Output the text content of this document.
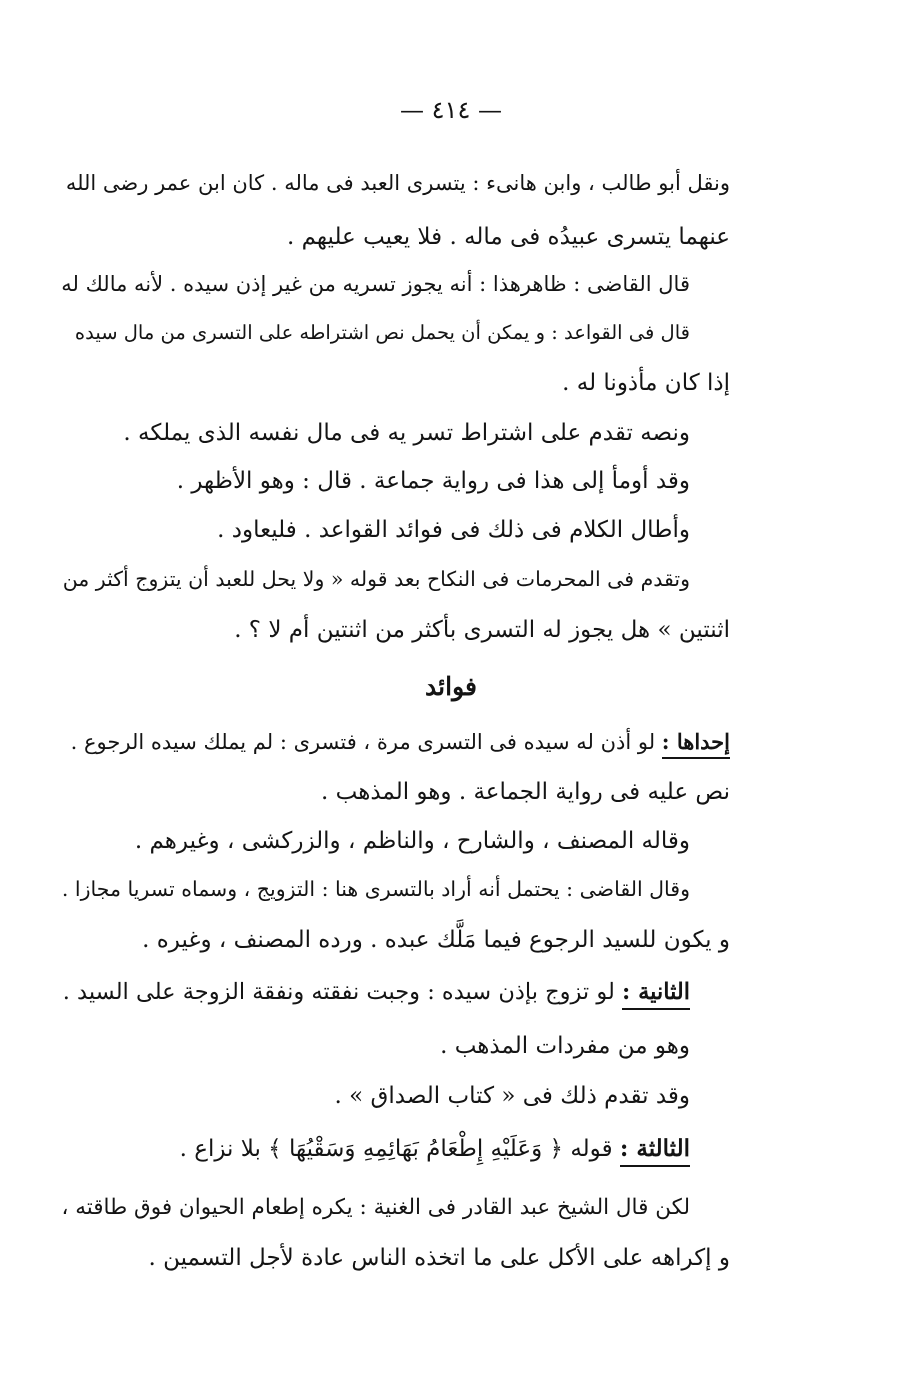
— ٤١٤ —
ونقل أبو طالب ، وابن هانىء : يتسرى العبد فى ماله . كان ابن عمر رضى الله
عنهما يتسرى عبيدُه فى ماله . فلا يعيب عليهم .
قال القاضى : ظاهرهذا : أنه يجوز تسريه من غير إذن سيده . لأنه مالك له
قال فى القواعد : و يمكن أن يحمل نص اشتراطه على التسرى من مال سيده
إذا كان مأذونا له .
ونصه تقدم على اشتراط تسر يه فى مال نفسه الذى يملكه .
وقد أومأ إلى هذا فى رواية جماعة . قال : وهو الأظهر .
وأطال الكلام فى ذلك فى فوائد القواعد . فليعاود .
وتقدم فى المحرمات فى النكاح بعد قوله « ولا يحل للعبد أن يتزوج أكثر من
اثنتين » هل يجوز له التسرى بأكثر من اثنتين أم لا ؟ .
فوائد
إحداها : لو أذن له سيده فى التسرى مرة ، فتسرى : لم يملك سيده الرجوع .
نص عليه فى رواية الجماعة . وهو المذهب .
وقاله المصنف ، والشارح ، والناظم ، والزركشى ، وغيرهم .
وقال القاضى : يحتمل أنه أراد بالتسرى هنا : التزويج ، وسماه تسريا مجازا .
و يكون للسيد الرجوع فيما مَلَّك عبده . ورده المصنف ، وغيره .
الثانية : لو تزوج بإذن سيده : وجبت نفقته ونفقة الزوجة على السيد .
وهو من مفردات المذهب .
وقد تقدم ذلك فى « كتاب الصداق » .
الثالثة : قوله ﴿ وَعَلَيْهِ إِطْعَامُ بَهَائِمِهِ وَسَقْيُهَا ﴾ بلا نزاع .
لكن قال الشيخ عبد القادر فى الغنية : يكره إطعام الحيوان فوق طاقته ،
و إكراهه على الأكل على ما اتخذه الناس عادة لأجل التسمين .
